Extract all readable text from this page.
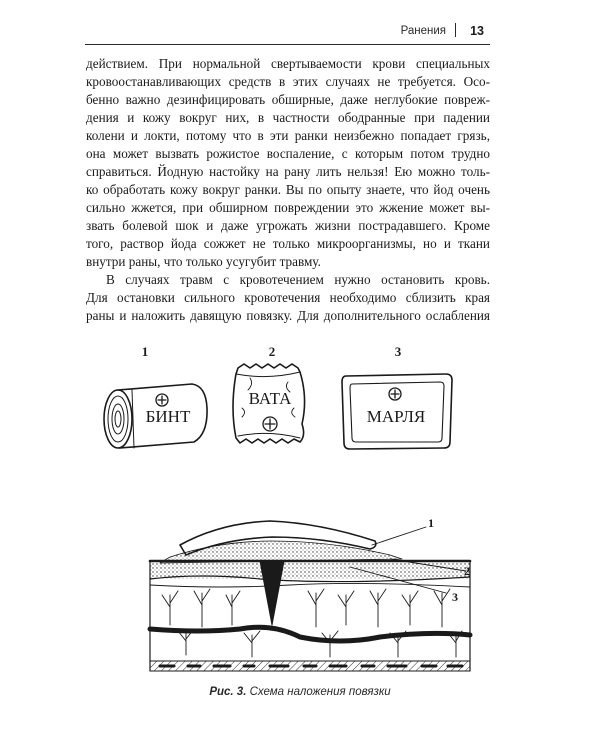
Ранения 13

действием. При нормальной свертываемости крови специальных
кровоостанавливающих средств в этих случаях не требуется. Осо-
бенно важно дезинфицировать обширные, даже неглубокие повреж-
дения и кожу вокруг них, в частности ободранные при падении
колени и локти, потому что в эти ранки неизбежно попадает грязь,
она может вызвать рожистое воспаление, с которым потом трудно
справиться. Йодную настойку на рану лить нельзя! Ею можно толь-
ко обработать кожу вокруг ранки. Вы по опыту знаете, что йод очень
сильно жжется, при обширном повреждении это жжение может вы-
звать болевой шок и даже угрожать жизни пострадавшего. Кроме
того, раствор йода сожжет не только микроорганизмы, но и ткани
внутри раны, что только усугубит травму.

В случаях травм с кровотечением нужно остановить кровь.
Для остановки сильного кровотечения необходимо сблизить края
раны и наложить давящую повязку. Для дополнительного ослабления

1	2	3
БИНТ
ВАТА
МАРЛЯ
1
2
3
Рис. 3. Схема наложения повязки
